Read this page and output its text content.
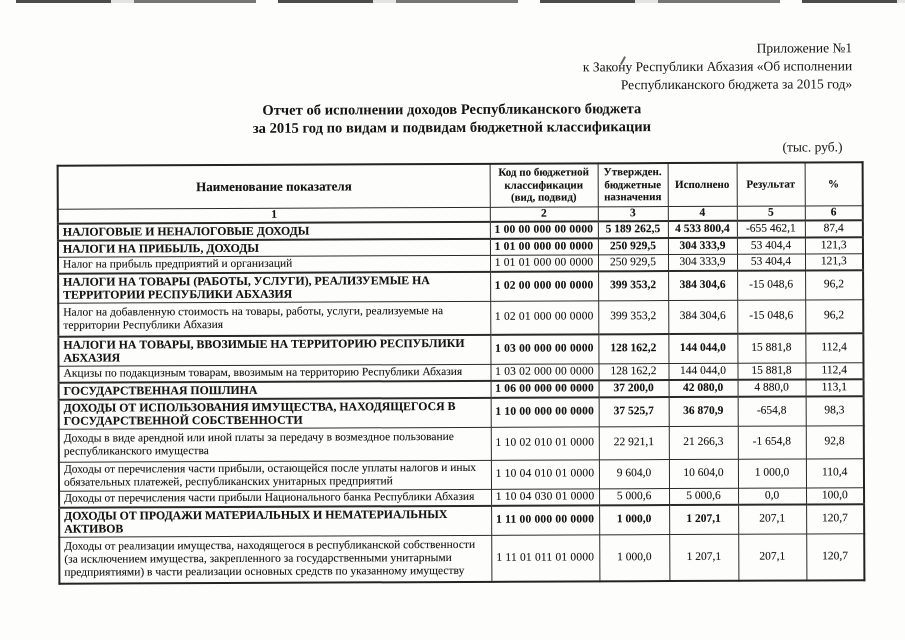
Приложение №1
к Закону Республики Абхазия «Об исполнении
Республиканского бюджета за 2015 год»
Отчет об исполнении доходов Республиканского бюджета
за 2015 год по видам и подвидам бюджетной классификации
(тыс. руб.)
Наименование показателя	Код по бюджетной классификации (вид, подвид)	Утвержден. бюджетные назначения	Исполнено	Результат	%
1	2	3	4	5	6
НАЛОГОВЫЕ И НЕНАЛОГОВЫЕ ДОХОДЫ	1 00 00 000 00 0000	5 189 262,5	4 533 800,4	-655 462,1	87,4
НАЛОГИ НА ПРИБЫЛЬ, ДОХОДЫ	1 01 00 000 00 0000	250 929,5	304 333,9	53 404,4	121,3
Налог на прибыль предприятий и организаций	1 01 01 000 00 0000	250 929,5	304 333,9	53 404,4	121,3
НАЛОГИ НА ТОВАРЫ (РАБОТЫ, УСЛУГИ), РЕАЛИЗУЕМЫЕ НА ТЕРРИТОРИИ РЕСПУБЛИКИ АБХАЗИЯ	1 02 00 000 00 0000	399 353,2	384 304,6	-15 048,6	96,2
Налог на добавленную стоимость на товары, работы, услуги, реализуемые на территории Республики Абхазия	1 02 01 000 00 0000	399 353,2	384 304,6	-15 048,6	96,2
НАЛОГИ НА ТОВАРЫ, ВВОЗИМЫЕ НА ТЕРРИТОРИЮ РЕСПУБЛИКИ АБХАЗИЯ	1 03 00 000 00 0000	128 162,2	144 044,0	15 881,8	112,4
Акцизы по подакцизным товарам, ввозимым на территорию Республики Абхазия	1 03 02 000 00 0000	128 162,2	144 044,0	15 881,8	112,4
ГОСУДАРСТВЕННАЯ ПОШЛИНА	1 06 00 000 00 0000	37 200,0	42 080,0	4 880,0	113,1
ДОХОДЫ ОТ ИСПОЛЬЗОВАНИЯ ИМУЩЕСТВА, НАХОДЯЩЕГОСЯ В ГОСУДАРСТВЕННОЙ СОБСТВЕННОСТИ	1 10 00 000 00 0000	37 525,7	36 870,9	-654,8	98,3
Доходы в виде арендной или иной платы за передачу в возмездное пользование республиканского имущества	1 10 02 010 01 0000	22 921,1	21 266,3	-1 654,8	92,8
Доходы от перечисления части прибыли, остающейся после уплаты налогов и иных обязательных платежей, республиканских унитарных предприятий	1 10 04 010 01 0000	9 604,0	10 604,0	1 000,0	110,4
Доходы от перечисления части прибыли Национального банка Республики Абхазия	1 10 04 030 01 0000	5 000,6	5 000,6	0,0	100,0
ДОХОДЫ ОТ ПРОДАЖИ МАТЕРИАЛЬНЫХ И НЕМАТЕРИАЛЬНЫХ АКТИВОВ	1 11 00 000 00 0000	1 000,0	1 207,1	207,1	120,7
Доходы от реализации имущества, находящегося в республиканской собственности (за исключением имущества, закрепленного за государственными унитарными предприятиями) в части реализации основных средств по указанному имуществу	1 11 01 011 01 0000	1 000,0	1 207,1	207,1	120,7
